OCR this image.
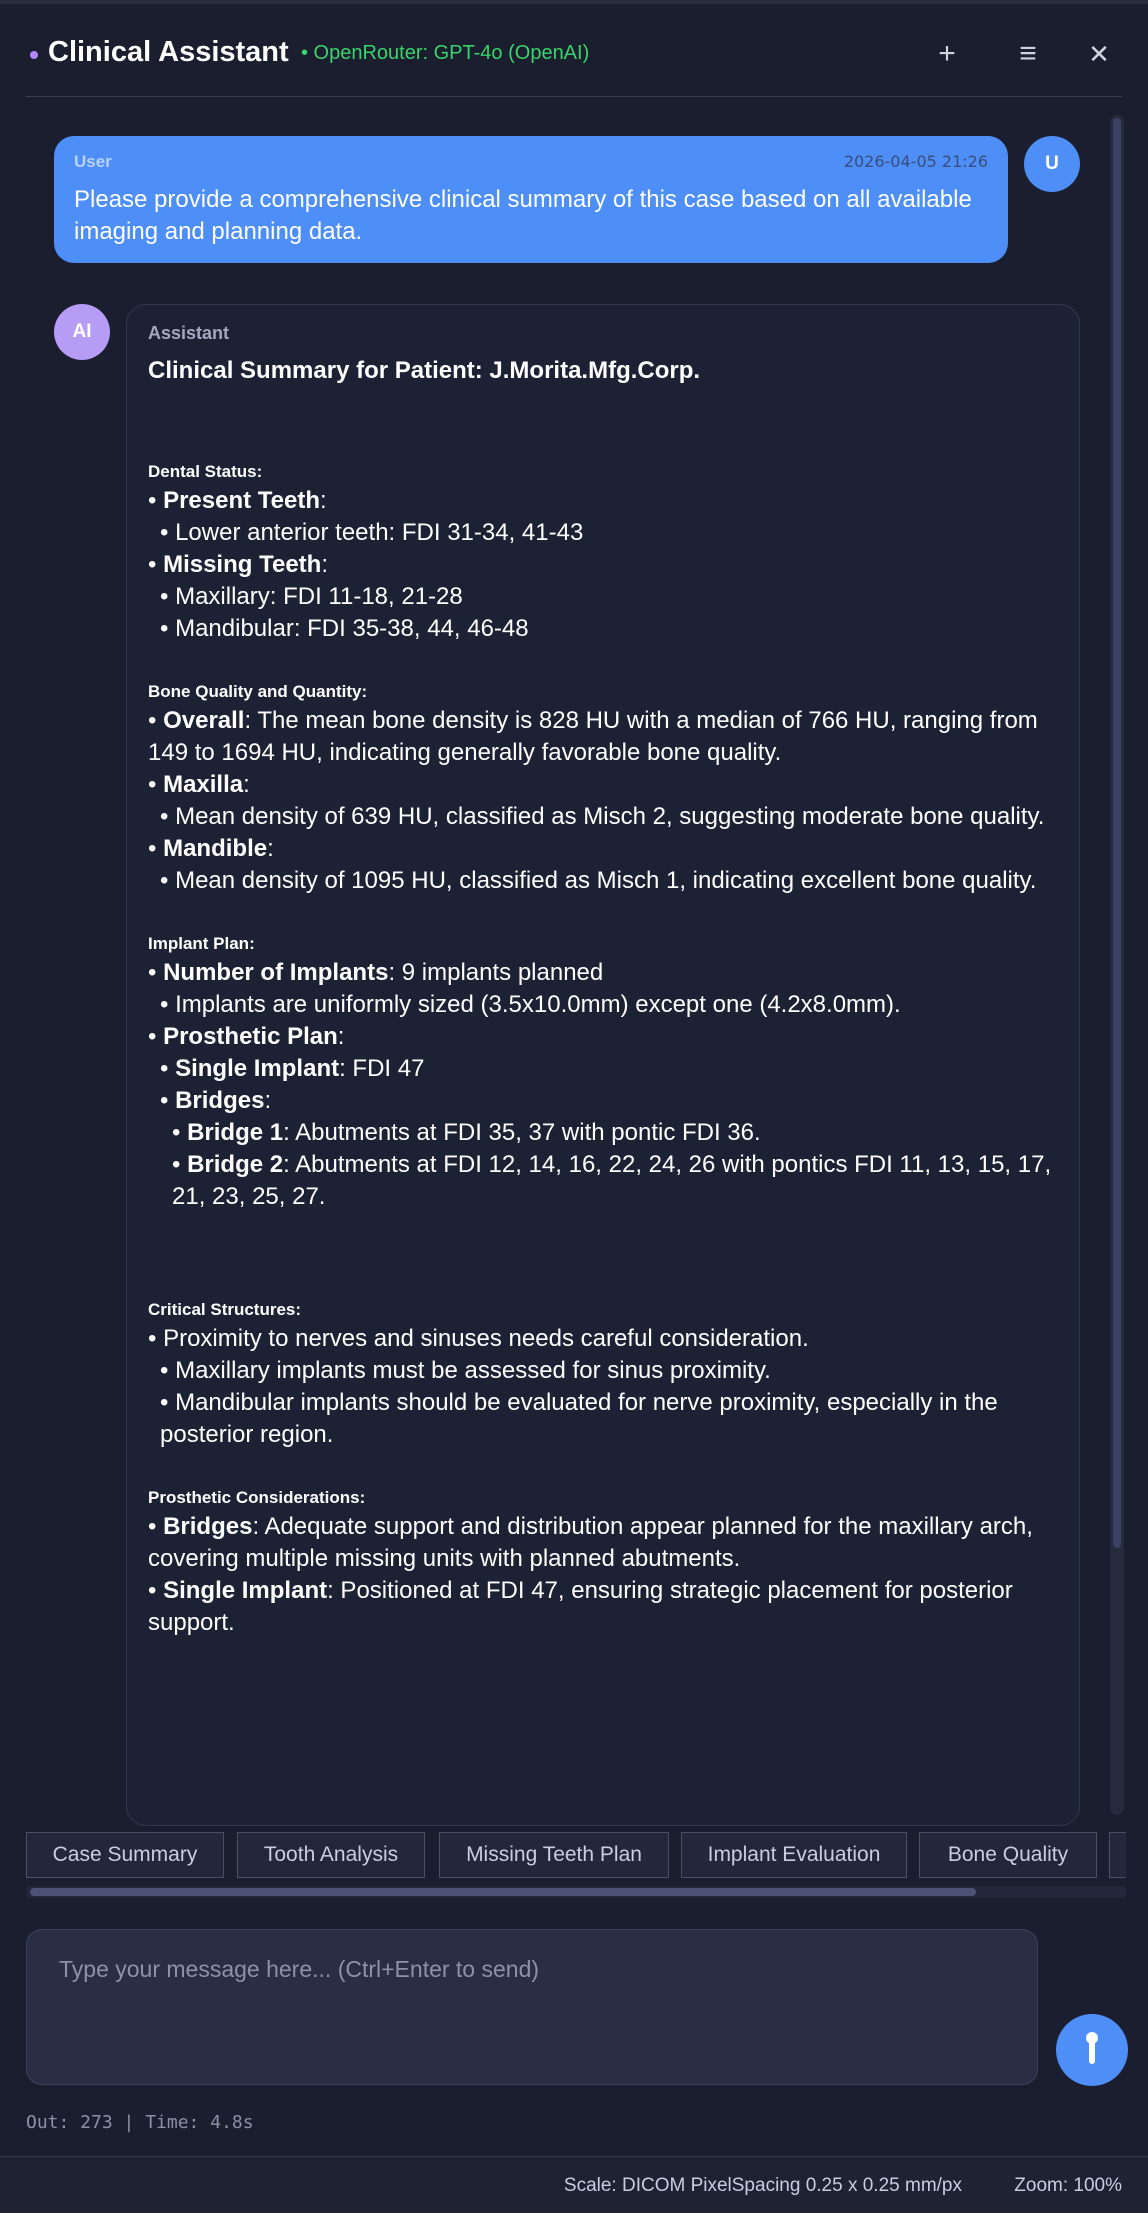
Clinical Assistant • OpenRouter: GPT-4o (OpenAI)	+	≡	✕
User	2026-04-05 21:26
Please provide a comprehensive clinical summary of this case based on all available imaging and planning data.
U
AI	Assistant

Clinical Summary for Patient: J.Morita.Mfg.Corp.

Dental Status:

• Present Teeth:

• Lower anterior teeth: FDI 31-34, 41-43

• Missing Teeth:

• Maxillary: FDI 11-18, 21-28

• Mandibular: FDI 35-38, 44, 46-48

Bone Quality and Quantity:

• Overall: The mean bone density is 828 HU with a median of 766 HU, ranging from 149 to 1694 HU, indicating generally favorable bone quality.

• Maxilla:

• Mean density of 639 HU, classified as Misch 2, suggesting moderate bone quality.

• Mandible:

• Mean density of 1095 HU, classified as Misch 1, indicating excellent bone quality.

Implant Plan:

• Number of Implants: 9 implants planned

• Implants are uniformly sized (3.5x10.0mm) except one (4.2x8.0mm).

• Prosthetic Plan:

• Single Implant: FDI 47

• Bridges:

• Bridge 1: Abutments at FDI 35, 37 with pontic FDI 36.

• Bridge 2: Abutments at FDI 12, 14, 16, 22, 24, 26 with pontics FDI 11, 13, 15, 17, 21, 23, 25, 27.

Critical Structures:

• Proximity to nerves and sinuses needs careful consideration.

• Maxillary implants must be assessed for sinus proximity.

• Mandibular implants should be evaluated for nerve proximity, especially in the posterior region.

Prosthetic Considerations:

• Bridges: Adequate support and distribution appear planned for the maxillary arch, covering multiple missing units with planned abutments.

• Single Implant: Positioned at FDI 47, ensuring strategic placement for posterior support.

Case Summary	Tooth Analysis	Missing Teeth Plan	Implant Evaluation	Bone Quality
Type your message here... (Ctrl+Enter to send)
Out: 273 | Time: 4.8s
Scale: DICOM PixelSpacing 0.25 x 0.25 mm/px	Zoom: 100%
